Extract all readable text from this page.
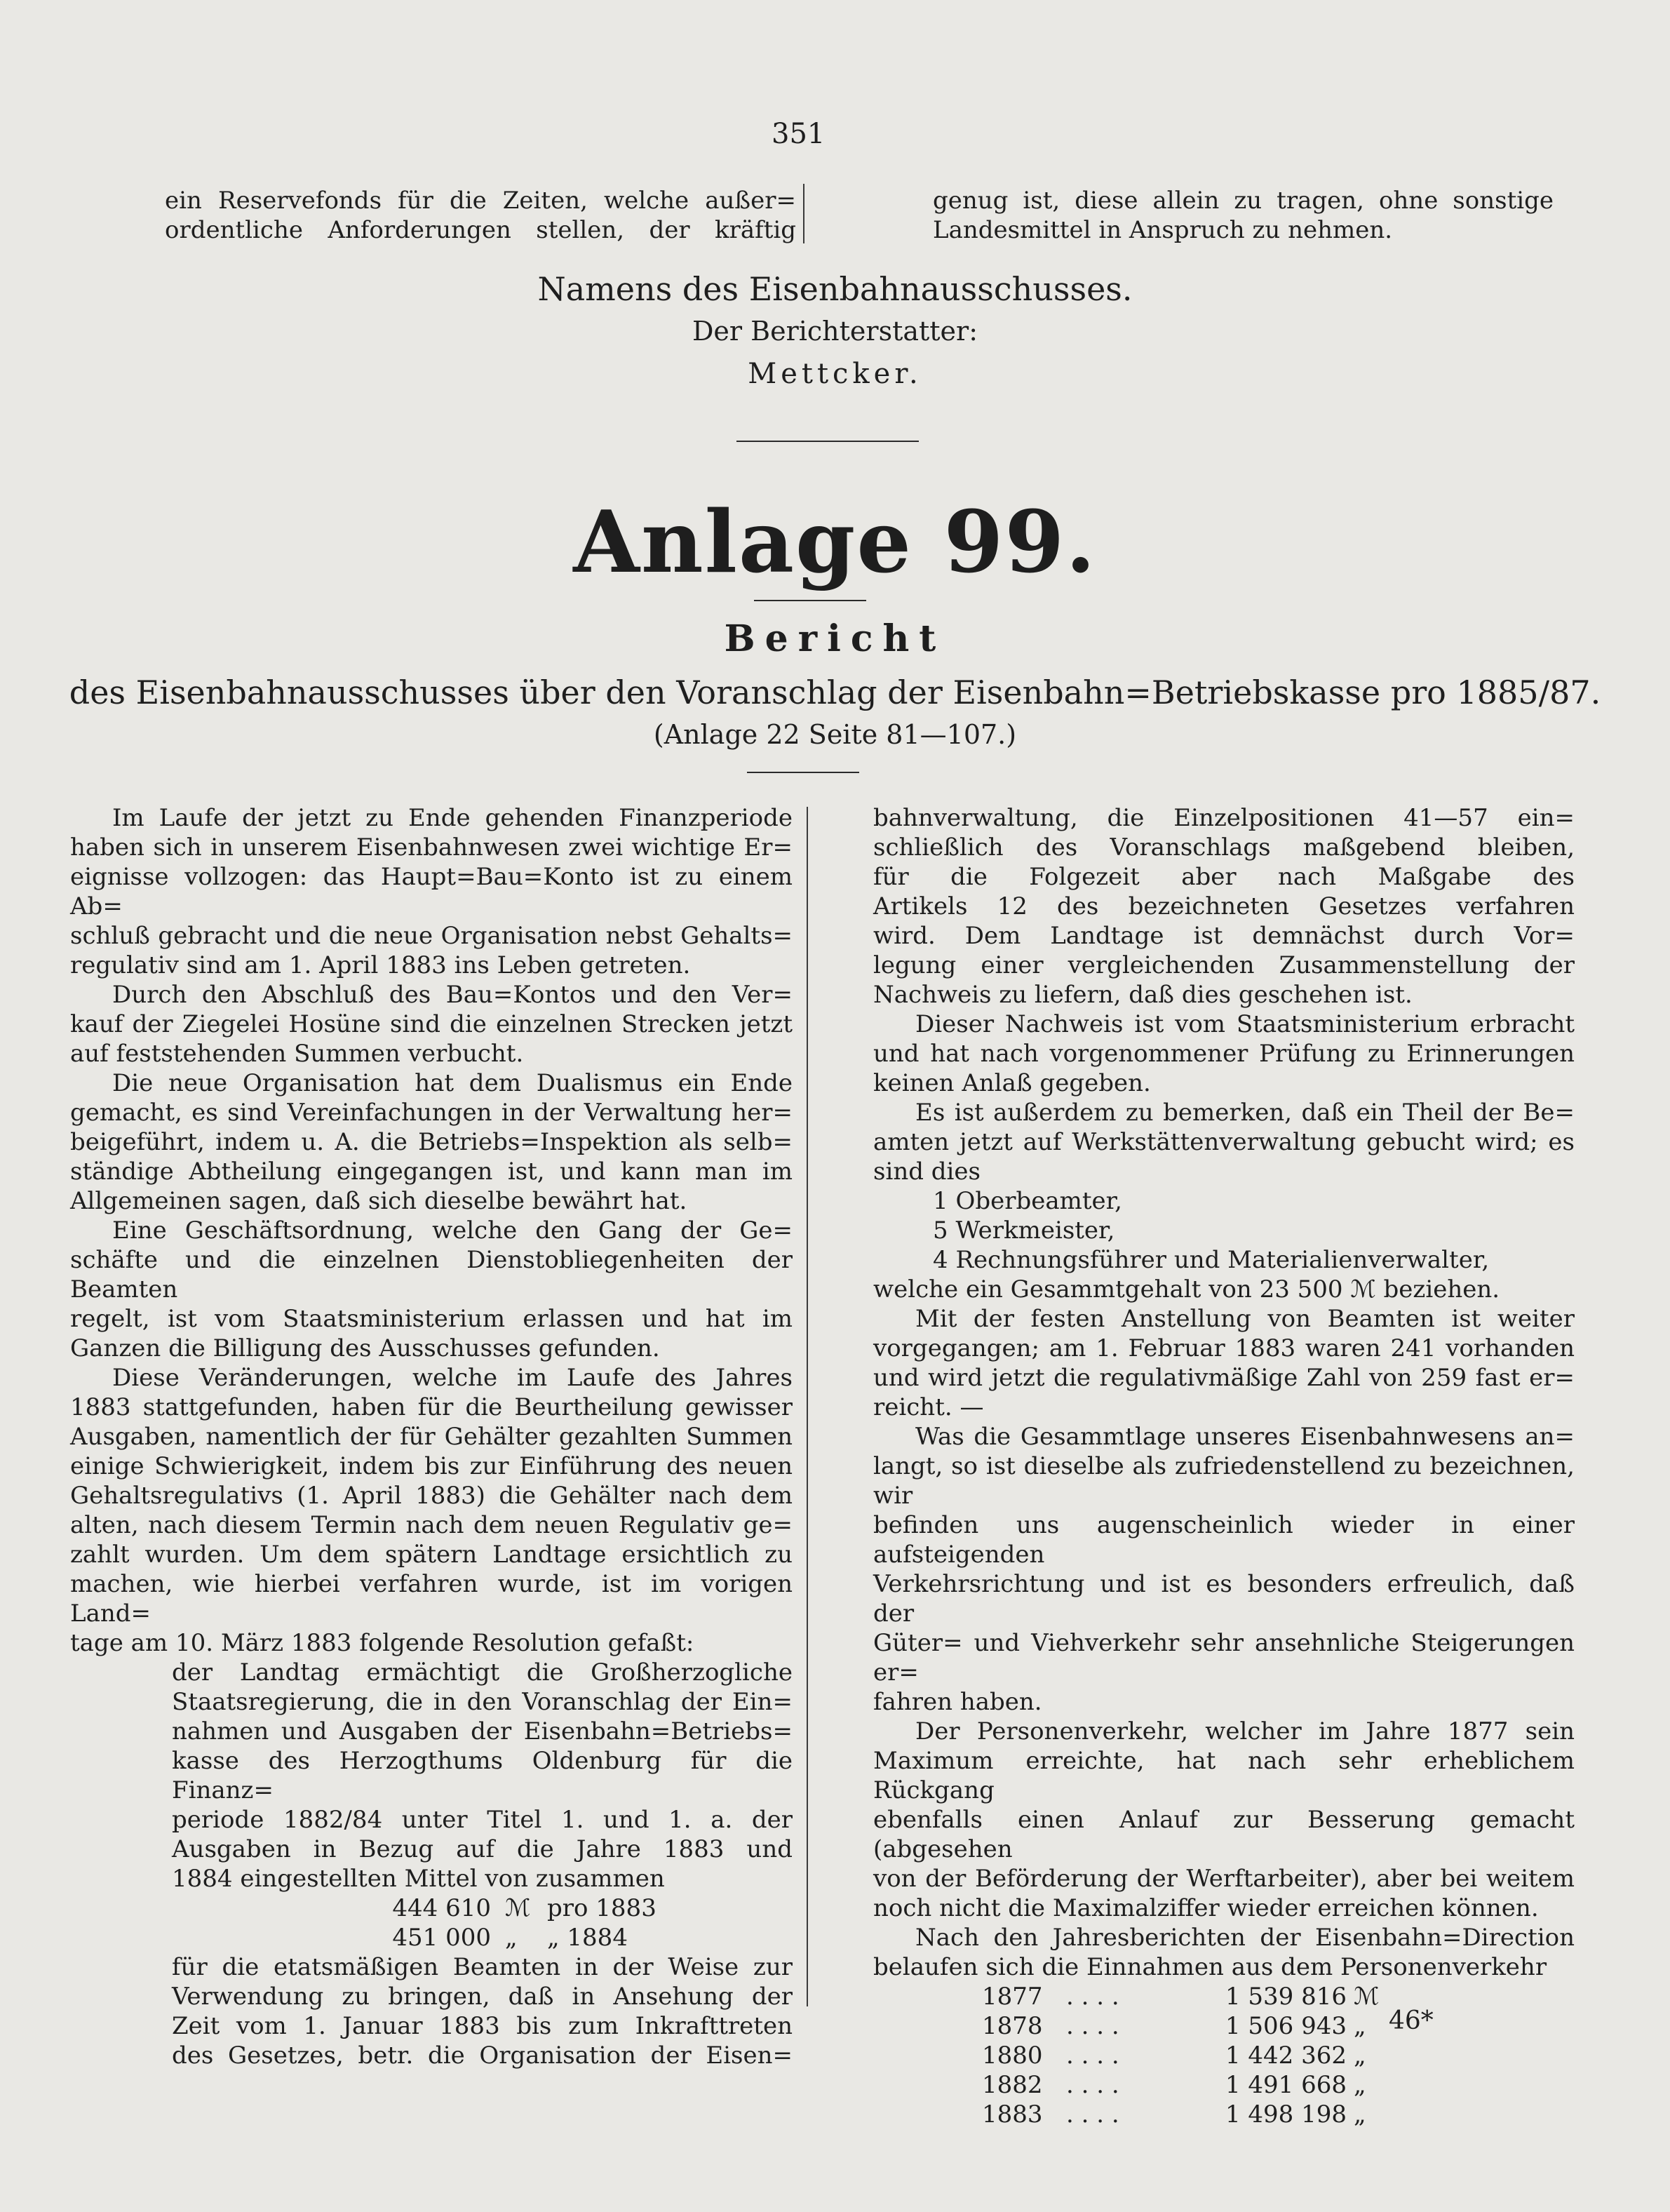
351
ein Reservefonds für die Zeiten, welche außer=
ordentliche Anforderungen stellen, der kräftig
genug ist, diese allein zu tragen, ohne sonstige
Landesmittel in Anspruch zu nehmen.
Namens des Eisenbahnausschusses.
Der Berichterstatter:
Mettcker.
Anlage 99.
Bericht
des Eisenbahnausschusses über den Voranschlag der Eisenbahn=Betriebskasse pro 1885/87.
(Anlage 22 Seite 81—107.)
Im Laufe der jetzt zu Ende gehenden Finanzperiode
haben sich in unserem Eisenbahnwesen zwei wichtige Er=
eignisse vollzogen: das Haupt=Bau=Konto ist zu einem Ab=
schluß gebracht und die neue Organisation nebst Gehalts=
regulativ sind am 1. April 1883 ins Leben getreten.
Durch den Abschluß des Bau=Kontos und den Ver=
kauf der Ziegelei Hosüne sind die einzelnen Strecken jetzt
auf feststehenden Summen verbucht.
Die neue Organisation hat dem Dualismus ein Ende
gemacht, es sind Vereinfachungen in der Verwaltung her=
beigeführt, indem u. A. die Betriebs=Inspektion als selb=
ständige Abtheilung eingegangen ist, und kann man im
Allgemeinen sagen, daß sich dieselbe bewährt hat.
Eine Geschäftsordnung, welche den Gang der Ge=
schäfte und die einzelnen Dienstobliegenheiten der Beamten
regelt, ist vom Staatsministerium erlassen und hat im
Ganzen die Billigung des Ausschusses gefunden.
Diese Veränderungen, welche im Laufe des Jahres
1883 stattgefunden, haben für die Beurtheilung gewisser
Ausgaben, namentlich der für Gehälter gezahlten Summen
einige Schwierigkeit, indem bis zur Einführung des neuen
Gehaltsregulativs (1. April 1883) die Gehälter nach dem
alten, nach diesem Termin nach dem neuen Regulativ ge=
zahlt wurden. Um dem spätern Landtage ersichtlich zu
machen, wie hierbei verfahren wurde, ist im vorigen Land=
tage am 10. März 1883 folgende Resolution gefaßt:
der Landtag ermächtigt die Großherzogliche
Staatsregierung, die in den Voranschlag der Ein=
nahmen und Ausgaben der Eisenbahn=Betriebs=
kasse des Herzogthums Oldenburg für die Finanz=
periode 1882/84 unter Titel 1. und 1. a. der
Ausgaben in Bezug auf die Jahre 1883 und
1884 eingestellten Mittel von zusammen
444 610 ℳ pro 1883
451 000 „ „ 1884
für die etatsmäßigen Beamten in der Weise zur
Verwendung zu bringen, daß in Ansehung der
Zeit vom 1. Januar 1883 bis zum Inkrafttreten
des Gesetzes, betr. die Organisation der Eisen=
bahnverwaltung, die Einzelpositionen 41—57 ein=
schließlich des Voranschlags maßgebend bleiben,
für die Folgezeit aber nach Maßgabe des
Artikels 12 des bezeichneten Gesetzes verfahren
wird. Dem Landtage ist demnächst durch Vor=
legung einer vergleichenden Zusammenstellung der
Nachweis zu liefern, daß dies geschehen ist.
Dieser Nachweis ist vom Staatsministerium erbracht
und hat nach vorgenommener Prüfung zu Erinnerungen
keinen Anlaß gegeben.
Es ist außerdem zu bemerken, daß ein Theil der Be=
amten jetzt auf Werkstättenverwaltung gebucht wird; es
sind dies
1 Oberbeamter,
5 Werkmeister,
4 Rechnungsführer und Materialienverwalter,
welche ein Gesammtgehalt von 23 500 ℳ beziehen.
Mit der festen Anstellung von Beamten ist weiter
vorgegangen; am 1. Februar 1883 waren 241 vorhanden
und wird jetzt die regulativmäßige Zahl von 259 fast er=
reicht. —
Was die Gesammtlage unseres Eisenbahnwesens an=
langt, so ist dieselbe als zufriedenstellend zu bezeichnen, wir
befinden uns augenscheinlich wieder in einer aufsteigenden
Verkehrsrichtung und ist es besonders erfreulich, daß der
Güter= und Viehverkehr sehr ansehnliche Steigerungen er=
fahren haben.
Der Personenverkehr, welcher im Jahre 1877 sein
Maximum erreichte, hat nach sehr erheblichem Rückgang
ebenfalls einen Anlauf zur Besserung gemacht (abgesehen
von der Beförderung der Werftarbeiter), aber bei weitem
noch nicht die Maximalziffer wieder erreichen können.
Nach den Jahresberichten der Eisenbahn=Direction
belaufen sich die Einnahmen aus dem Personenverkehr
1877 . . . .	1 539 816 ℳ
1878 . . . .	1 506 943 „
1880 . . . .	1 442 362 „
1882 . . . .	1 491 668 „
1883 . . . .	1 498 198 „
46*
